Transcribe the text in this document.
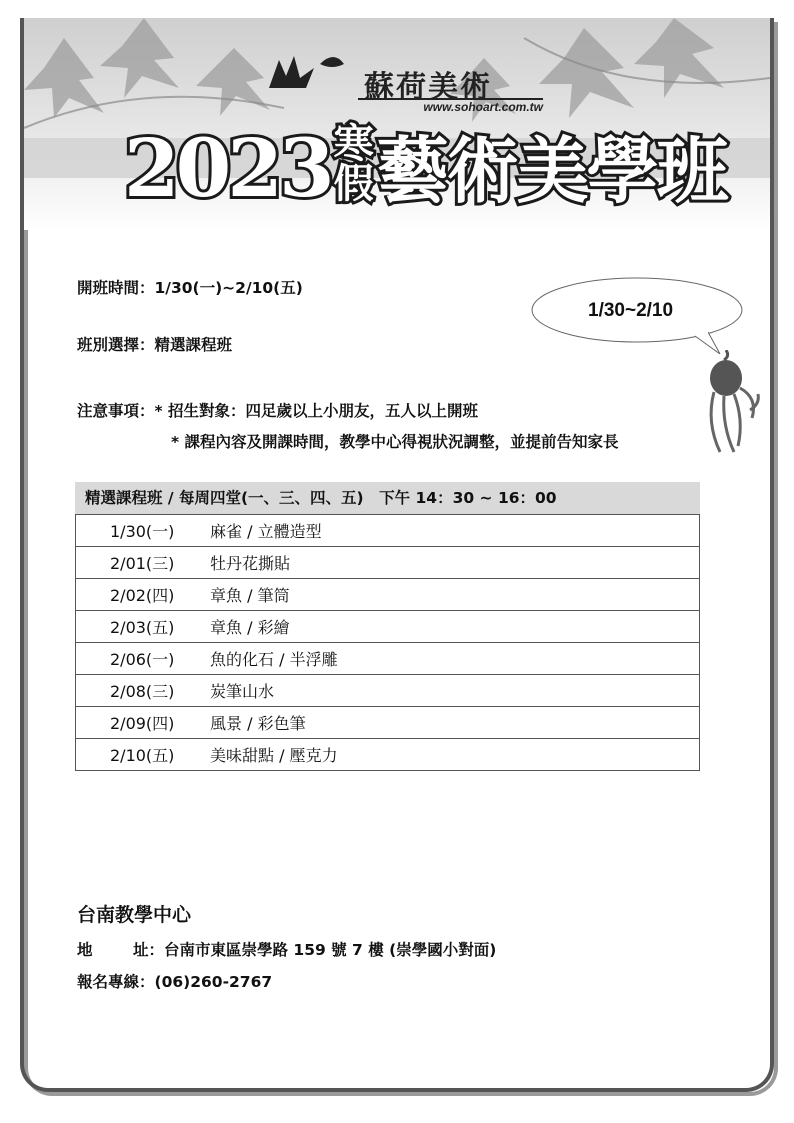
蘇荷美術
www.sohoart.com.tw
2023寒
假藝術美學班
開班時間：1/30(一)~2/10(五)
班別選擇：精選課程班
注意事項：* 招生對象：四足歲以上小朋友，五人以上開班
* 課程內容及開課時間，教學中心得視狀況調整，並提前告知家長
1/30~2/10
精選課程班 / 每周四堂(一、三、四、五)　下午 14：30 ~ 16：00
1/30(一) 麻雀 / 立體造型
2/01(三) 牡丹花撕貼
2/02(四) 章魚 / 筆筒
2/03(五) 章魚 / 彩繪
2/06(一) 魚的化石 / 半浮雕
2/08(三) 炭筆山水
2/09(四) 風景 / 彩色筆
2/10(五) 美味甜點 / 壓克力
台南教學中心
地	址：台南市東區崇學路 159 號 7 樓 (崇學國小對面)
報名專線：(06)260-2767
